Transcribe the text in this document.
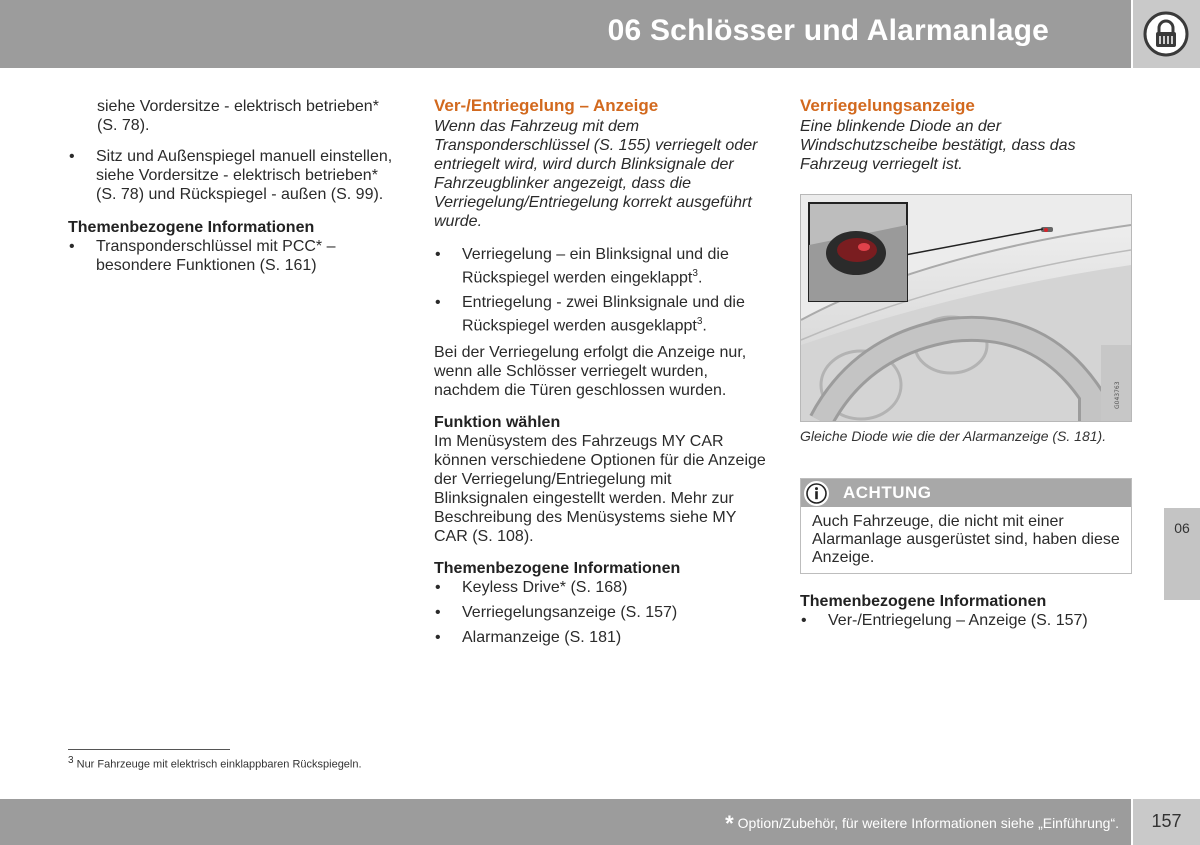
06 Schlösser und Alarmanlage
06

siehe Vordersitze - elektrisch betrieben* (S. 78).

• Sitz und Außenspiegel manuell einstellen, siehe Vordersitze - elektrisch betrieben* (S. 78) und Rückspiegel - außen (S. 99).

Themenbezogene Informationen

• Transponderschlüssel mit PCC* – besondere Funktionen (S. 161)

Ver-/Entriegelung – Anzeige

Wenn das Fahrzeug mit dem Transponderschlüssel (S. 155) verriegelt oder entriegelt wird, wird durch Blinksignale der Fahrzeugblinker angezeigt, dass die Verriegelung/Entriegelung korrekt ausgeführt wurde.

• Verriegelung – ein Blinksignal und die Rückspiegel werden eingeklappt$^3$.

• Entriegelung - zwei Blinksignale und die Rückspiegel werden ausgeklappt$^3$.

Bei der Verriegelung erfolgt die Anzeige nur, wenn alle Schlösser verriegelt wurden, nachdem die Türen geschlossen wurden.

Funktion wählen

Im Menüsystem des Fahrzeugs MY CAR können verschiedene Optionen für die Anzeige der Verriegelung/Entriegelung mit Blinksignalen eingestellt werden. Mehr zur Beschreibung des Menüsystems siehe MY CAR (S. 108).

Themenbezogene Informationen

• Keyless Drive* (S. 168)

• Verriegelungsanzeige (S. 157)

• Alarmanzeige (S. 181)

Verriegelungsanzeige

Eine blinkende Diode an der Windschutzscheibe bestätigt, dass das Fahrzeug verriegelt ist.

G043763
Gleiche Diode wie die der Alarmanzeige (S. 181).
ACHTUNG
Auch Fahrzeuge, die nicht mit einer Alarmanlage ausgerüstet sind, haben diese Anzeige.

Themenbezogene Informationen

• Ver-/Entriegelung – Anzeige (S. 157)

$^3$ Nur Fahrzeuge mit elektrisch einklappbaren Rückspiegeln.
* Option/Zubehör, für weitere Informationen siehe „Einführung“.	157
